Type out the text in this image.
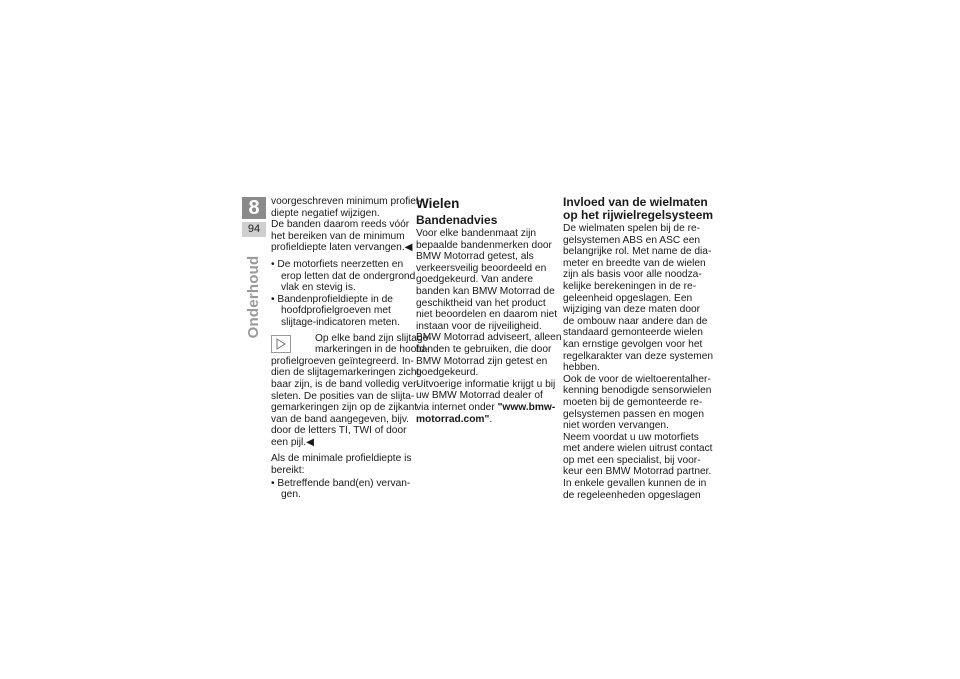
8
94
Onderhoud

voorgeschreven minimum profiel-
diepte negatief wijzigen.
De banden daarom reeds vóór
het bereiken van de minimum
profieldiepte laten vervangen.◀

• De motorfiets neerzetten en
erop letten dat de ondergrond
vlak en stevig is.
• Bandenprofieldiepte in de
hoofdprofielgroeven met
slijtage-indicatoren meten.

Op elke band zijn slijtage-
markeringen in de hoofd-
profielgroeven geïntegreerd. In-
dien de slijtagemarkeringen zicht-
baar zijn, is de band volledig ver-
sleten. De posities van de slijta-
gemarkeringen zijn op de zijkant
van de band aangegeven, bijv.
door de letters TI, TWI of door
een pijl.◀

Als de minimale profieldiepte is
bereikt:

• Betreffende band(en) vervan-
gen.

Wielen
Bandenadvies

Voor elke bandenmaat zijn
bepaalde bandenmerken door
BMW Motorrad getest, als
verkeersveilig beoordeeld en
goedgekeurd. Van andere
banden kan BMW Motorrad de
geschiktheid van het product
niet beoordelen en daarom niet
instaan voor de rijveiligheid.
BMW Motorrad adviseert, alleen
banden te gebruiken, die door
BMW Motorrad zijn getest en
goedgekeurd.
Uitvoerige informatie krijgt u bij
uw BMW Motorrad dealer of
via internet onder "www.bmw-
motorrad.com".

Invloed van de wielmaten
op het rijwielregelsysteem

De wielmaten spelen bij de re-
gelsystemen ABS en ASC een
belangrijke rol. Met name de dia-
meter en breedte van de wielen
zijn als basis voor alle noodza-
kelijke berekeningen in de re-
geleenheid opgeslagen. Een
wijziging van deze maten door
de ombouw naar andere dan de
standaard gemonteerde wielen
kan ernstige gevolgen voor het
regelkarakter van deze systemen
hebben.
Ook de voor de wieltoerentalher-
kenning benodigde sensorwielen
moeten bij de gemonteerde re-
gelsystemen passen en mogen
niet worden vervangen.
Neem voordat u uw motorfiets
met andere wielen uitrust contact
op met een specialist, bij voor-
keur een BMW Motorrad partner.
In enkele gevallen kunnen de in
de regeleenheden opgeslagen
